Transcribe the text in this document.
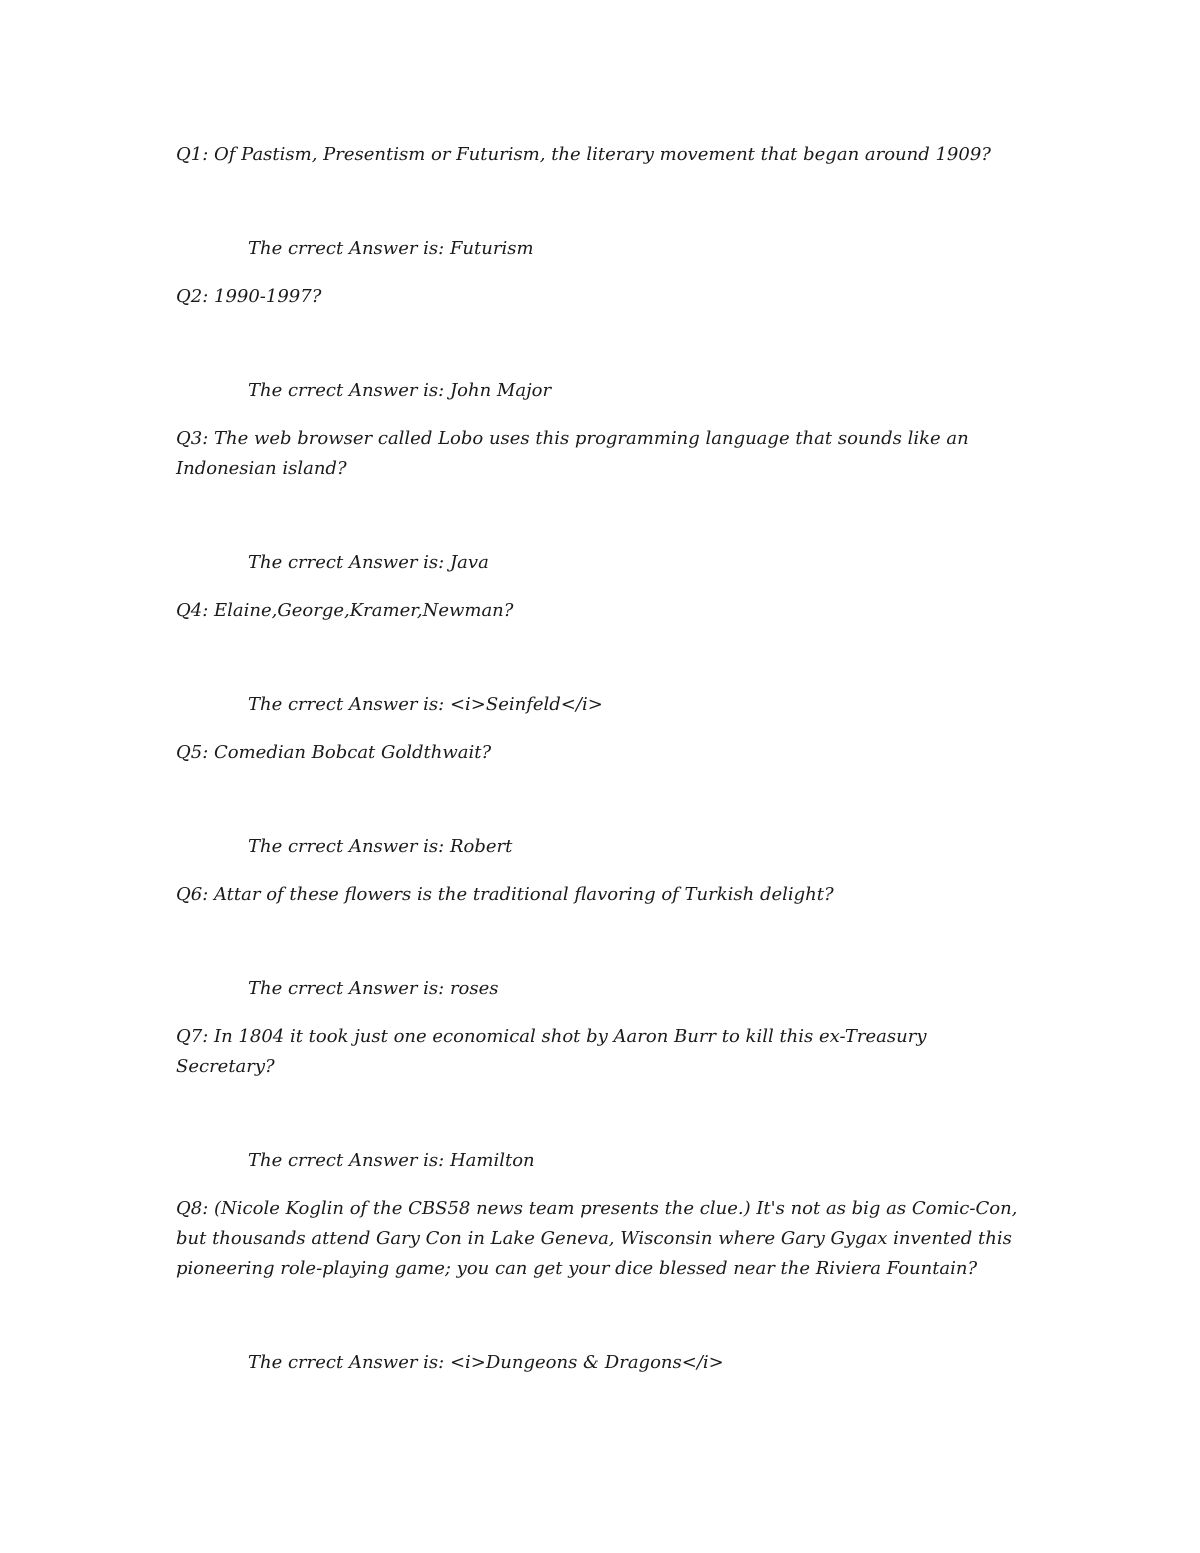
Q1: Of Pastism, Presentism or Futurism, the literary movement that began around 1909?

The crrect Answer is: Futurism

Q2: 1990-1997?

The crrect Answer is: John Major

Q3: The web browser called Lobo uses this programming language that sounds like an Indonesian island?

The crrect Answer is: Java

Q4: Elaine,George,Kramer,Newman?

The crrect Answer is: <i>Seinfeld</i>

Q5: Comedian Bobcat Goldthwait?

The crrect Answer is: Robert

Q6: Attar of these flowers is the traditional flavoring of Turkish delight?

The crrect Answer is: roses

Q7: In 1804 it took just one economical shot by Aaron Burr to kill this ex-Treasury Secretary?

The crrect Answer is: Hamilton

Q8: (Nicole Koglin of the CBS58 news team presents the clue.) It's not as big as Comic-Con, but thousands attend Gary Con in Lake Geneva, Wisconsin where Gary Gygax invented this pioneering role-playing game; you can get your dice blessed near the Riviera Fountain?

The crrect Answer is: <i>Dungeons & Dragons</i>
